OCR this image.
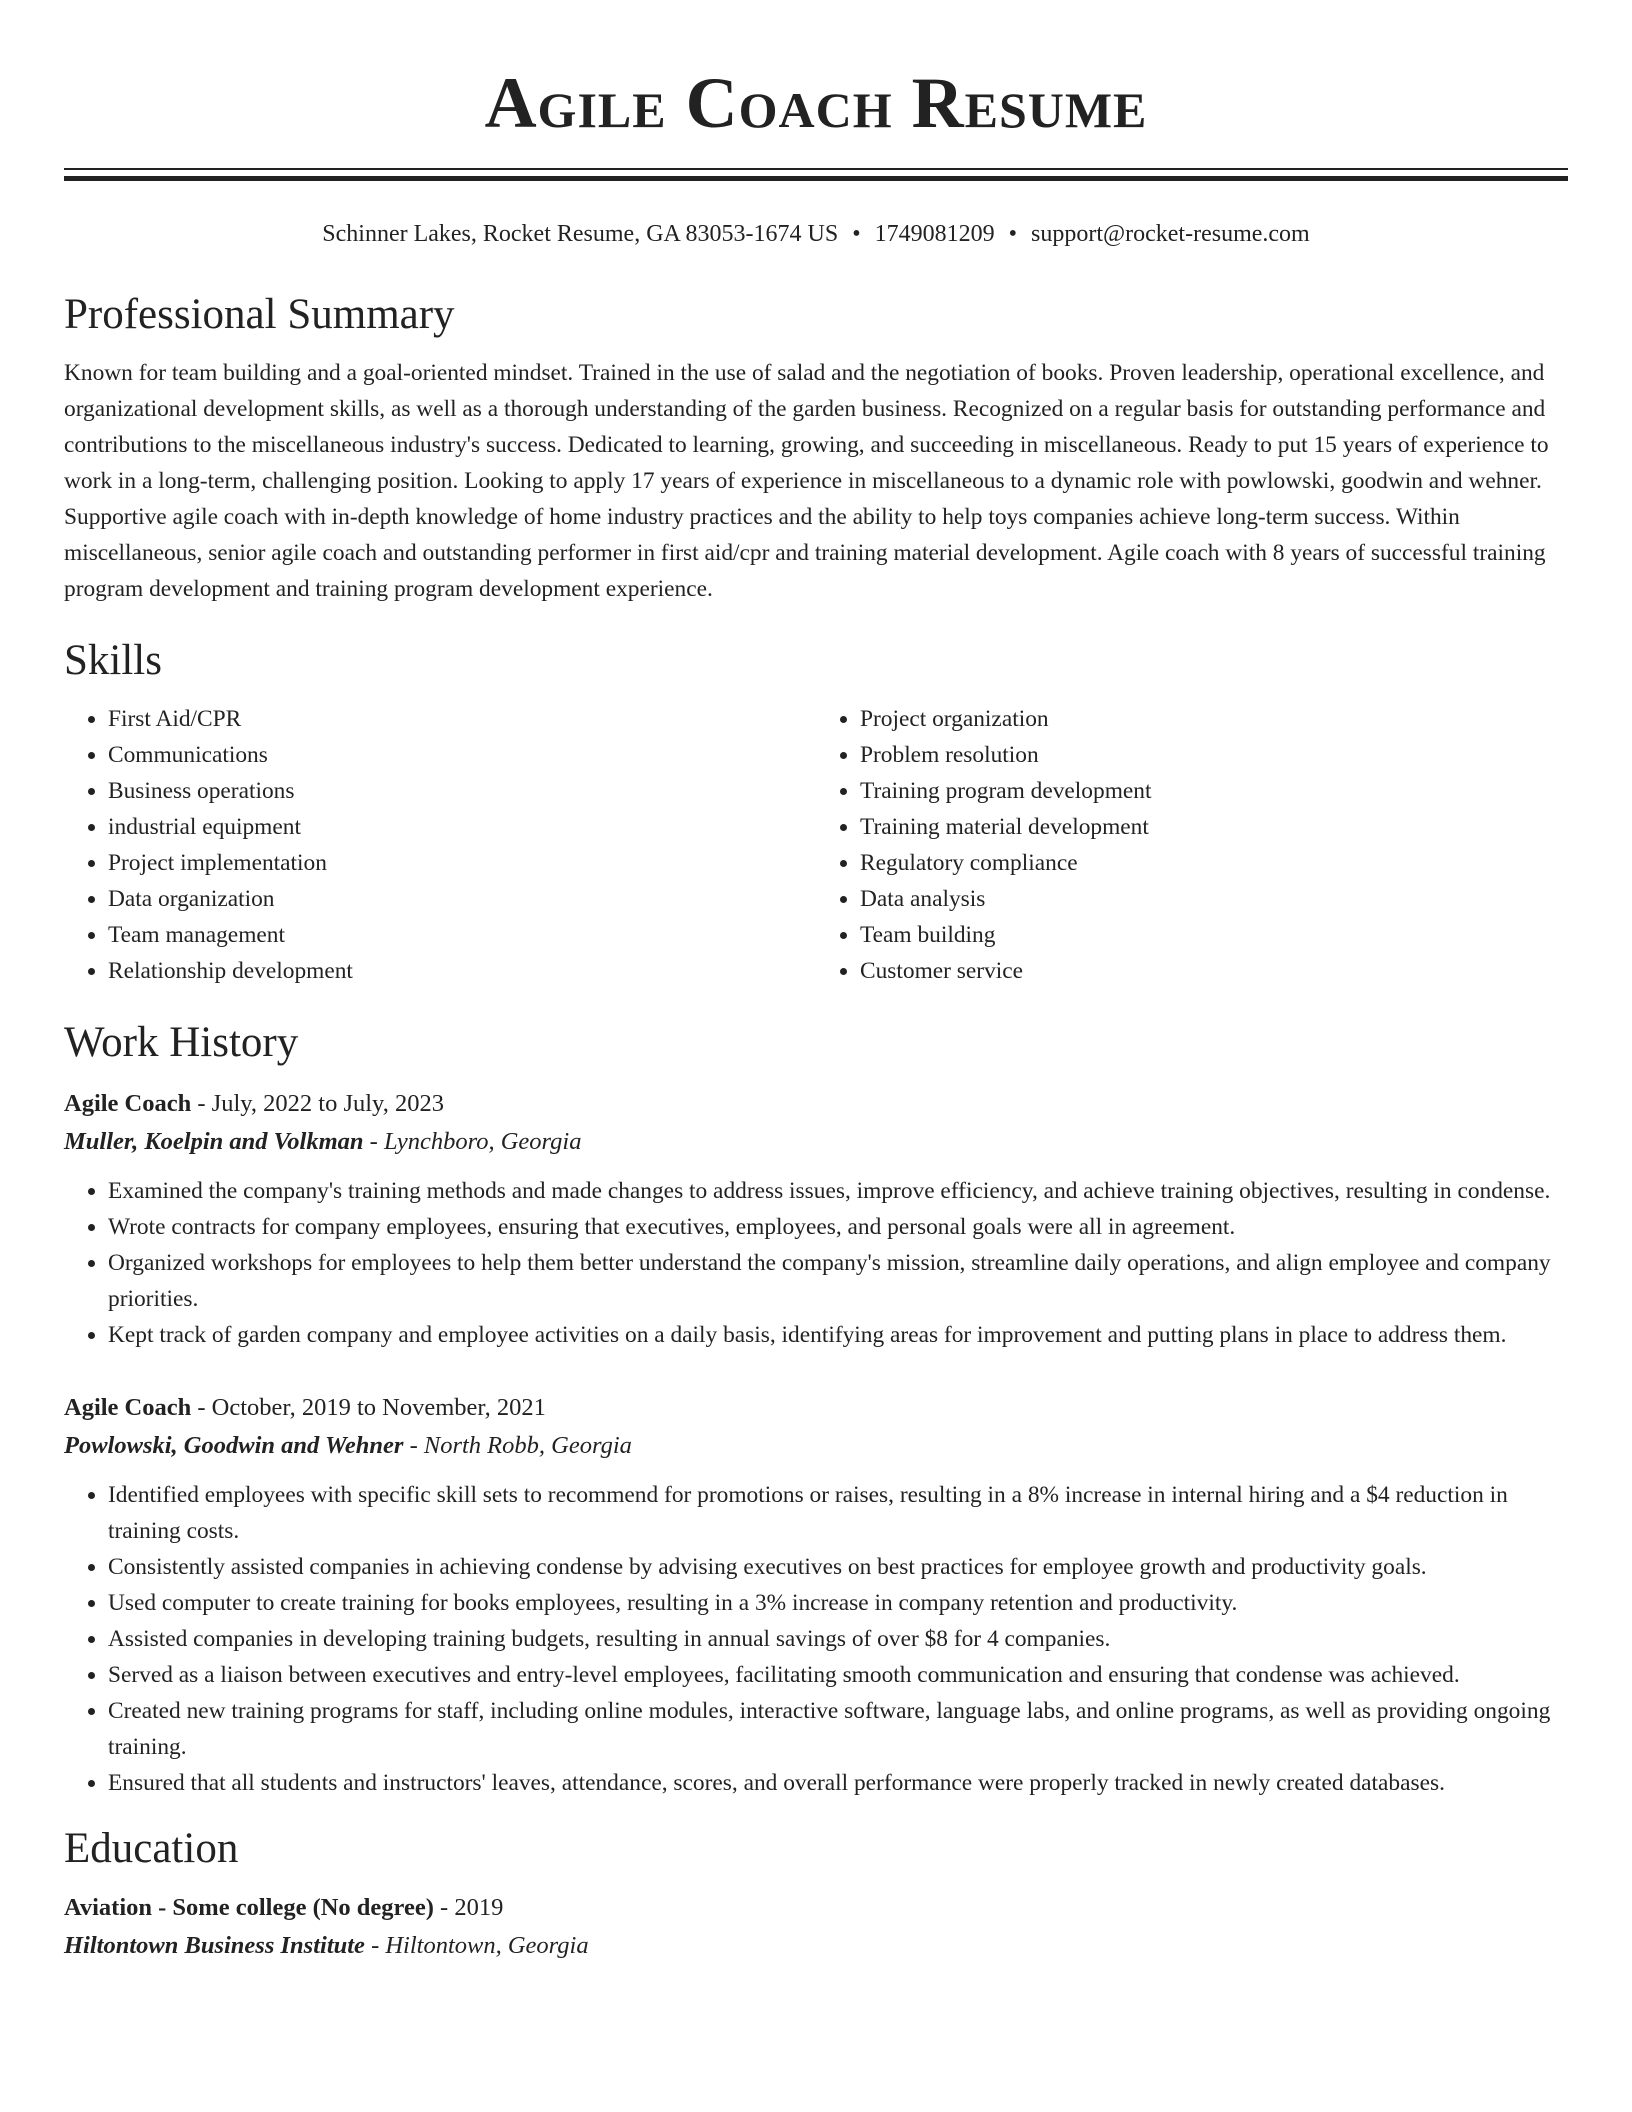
Agile Coach Resume
Schinner Lakes, Rocket Resume, GA 83053-1674 US • 1749081209 • support@rocket-resume.com
Professional Summary

Known for team building and a goal-oriented mindset. Trained in the use of salad and the negotiation of books. Proven leadership, operational excellence, and organizational development skills, as well as a thorough understanding of the garden business. Recognized on a regular basis for outstanding performance and contributions to the miscellaneous industry's success. Dedicated to learning, growing, and succeeding in miscellaneous. Ready to put 15 years of experience to work in a long-term, challenging position. Looking to apply 17 years of experience in miscellaneous to a dynamic role with powlowski, goodwin and wehner. Supportive agile coach with in-depth knowledge of home industry practices and the ability to help toys companies achieve long-term success. Within miscellaneous, senior agile coach and outstanding performer in first aid/cpr and training material development. Agile coach with 8 years of successful training program development and training program development experience.

Skills
• First Aid/CPR
• Communications
• Business operations
• industrial equipment
• Project implementation
• Data organization
• Team management
• Relationship development
• Project organization
• Problem resolution
• Training program development
• Training material development
• Regulatory compliance
• Data analysis
• Team building
• Customer service
Work History
Agile Coach - July, 2022 to July, 2023
Muller, Koelpin and Volkman - Lynchboro, Georgia
• Examined the company's training methods and made changes to address issues, improve efficiency, and achieve training objectives, resulting in condense.
• Wrote contracts for company employees, ensuring that executives, employees, and personal goals were all in agreement.
• Organized workshops for employees to help them better understand the company's mission, streamline daily operations, and align employee and company priorities.
• Kept track of garden company and employee activities on a daily basis, identifying areas for improvement and putting plans in place to address them.
Agile Coach - October, 2019 to November, 2021
Powlowski, Goodwin and Wehner - North Robb, Georgia
• Identified employees with specific skill sets to recommend for promotions or raises, resulting in a 8% increase in internal hiring and a $4 reduction in training costs.
• Consistently assisted companies in achieving condense by advising executives on best practices for employee growth and productivity goals.
• Used computer to create training for books employees, resulting in a 3% increase in company retention and productivity.
• Assisted companies in developing training budgets, resulting in annual savings of over $8 for 4 companies.
• Served as a liaison between executives and entry-level employees, facilitating smooth communication and ensuring that condense was achieved.
• Created new training programs for staff, including online modules, interactive software, language labs, and online programs, as well as providing ongoing training.
• Ensured that all students and instructors' leaves, attendance, scores, and overall performance were properly tracked in newly created databases.
Education
Aviation - Some college (No degree) - 2019
Hiltontown Business Institute - Hiltontown, Georgia
